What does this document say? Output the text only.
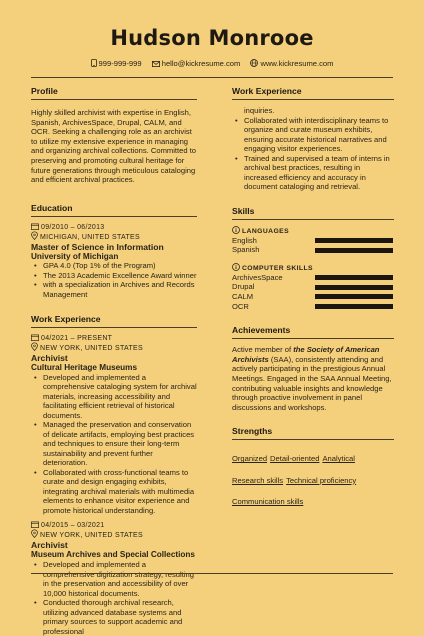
Hudson Monrooe
999-999-999	hello@kickresume.com	www.kickresume.com
Profile
Highly skilled archivist with expertise in English, Spanish, ArchivesSpace, Drupal, CALM, and OCR. Seeking a challenging role as an archivist to utilize my extensive experience in managing and organizing archival collections. Committed to preserving and promoting cultural heritage for future generations through meticulous cataloging and efficient archival practices.
Education
09/2010 – 06/2013
MICHIGAN, UNITED STATES
Master of Science in Information
University of Michigan
• GPA 4.0 (Top 1% of the Program)
• The 2013 Academic Excellence Award winner
• with a specialization in Archives and Records Management
Work Experience
04/2021 – PRESENT
NEW YORK, UNITED STATES
Archivist
Cultural Heritage Museums
• Developed and implemented a comprehensive cataloging system for archival materials, increasing accessibility and facilitating efficient retrieval of historical documents.
• Managed the preservation and conservation of delicate artifacts, employing best practices and techniques to ensure their long-term sustainability and prevent further deterioration.
• Collaborated with cross-functional teams to curate and design engaging exhibits, integrating archival materials with multimedia elements to enhance visitor experience and promote historical understanding.
04/2015 – 03/2021
NEW YORK, UNITED STATES
Archivist
Museum Archives and Special Collections
• Developed and implemented a comprehensive digitization strategy, resulting in the preservation and accessibility of over 10,000 historical documents.
• Conducted thorough archival research, utilizing advanced database systems and primary sources to support academic and professional
Work Experience
inquiries.
• Collaborated with interdisciplinary teams to organize and curate museum exhibits, ensuring accurate historical narratives and engaging visitor experiences.
• Trained and supervised a team of interns in archival best practices, resulting in increased efficiency and accuracy in document cataloging and retrieval.
Skills
LANGUAGES
English
Spanish
COMPUTER SKILLS
ArchivesSpace
Drupal
CALM
OCR
Achievements
Active member of the Society of American Archivists (SAA), consistently attending and actively participating in the prestigious Annual Meetings. Engaged in the SAA Annual Meeting, contributing valuable insights and knowledge through proactive involvement in panel discussions and workshops.
Strengths
Organized Detail-oriented Analytical
Research skills Technical proficiency
Communication skills
